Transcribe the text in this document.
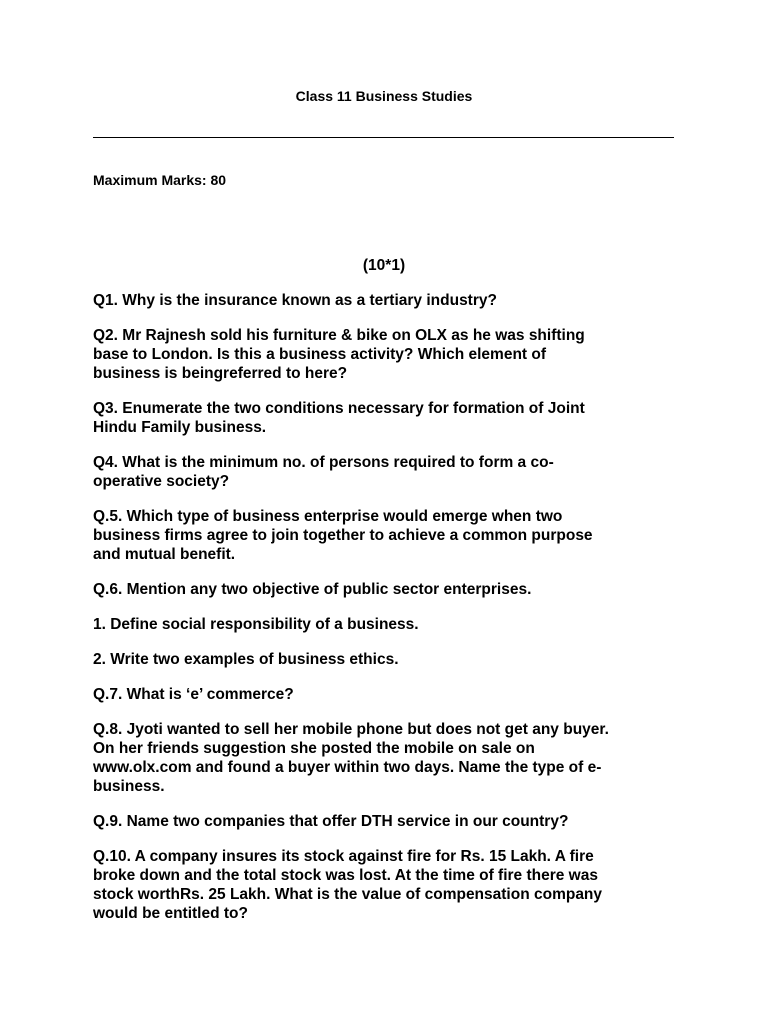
Class 11 Business Studies
Maximum Marks: 80
(10*1)
Q1. Why is the insurance known as a tertiary industry?
Q2. Mr Rajnesh sold his furniture & bike on OLX as he was shifting
base to London. Is this a business activity? Which element of
business is beingreferred to here?
Q3. Enumerate the two conditions necessary for formation of Joint
Hindu Family business.
Q4. What is the minimum no. of persons required to form a co-
operative society?
Q.5. Which type of business enterprise would emerge when two
business firms agree to join together to achieve a common purpose
and mutual benefit.
Q.6. Mention any two objective of public sector enterprises.
1. Define social responsibility of a business.
2. Write two examples of business ethics.
Q.7. What is ‘e’ commerce?
Q.8. Jyoti wanted to sell her mobile phone but does not get any buyer.
On her friends suggestion she posted the mobile on sale on
www.olx.com and found a buyer within two days. Name the type of e-
business.
Q.9. Name two companies that offer DTH service in our country?
Q.10. A company insures its stock against fire for Rs. 15 Lakh. A fire
broke down and the total stock was lost. At the time of fire there was
stock worthRs. 25 Lakh. What is the value of compensation company
would be entitled to?
